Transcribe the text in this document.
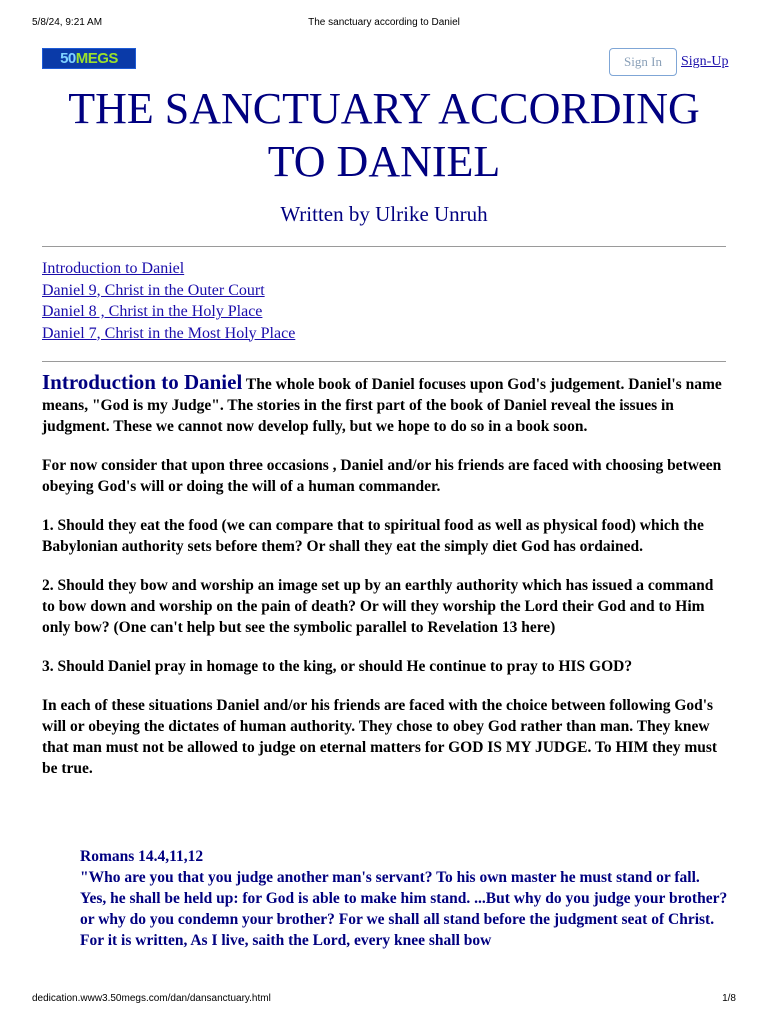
5/8/24, 9:21 AM	The sanctuary according to Daniel
50 MEGS	Sign In	Sign-Up
THE SANCTUARY ACCORDING TO DANIEL
Written by Ulrike Unruh
Introduction to Daniel
Daniel 9, Christ in the Outer Court
Daniel 8 , Christ in the Holy Place
Daniel 7, Christ in the Most Holy Place

Introduction to Daniel The whole book of Daniel focuses upon God's judgement. Daniel's name means, "God is my Judge". The stories in the first part of the book of Daniel reveal the issues in judgment. These we cannot now develop fully, but we hope to do so in a book soon.

For now consider that upon three occasions , Daniel and/or his friends are faced with choosing between obeying God's will or doing the will of a human commander.

1. Should they eat the food (we can compare that to spiritual food as well as physical food) which the Babylonian authority sets before them? Or shall they eat the simply diet God has ordained.

2. Should they bow and worship an image set up by an earthly authority which has issued a command to bow down and worship on the pain of death? Or will they worship the Lord their God and to Him only bow? (One can't help but see the symbolic parallel to Revelation 13 here)

3. Should Daniel pray in homage to the king, or should He continue to pray to HIS GOD?

In each of these situations Daniel and/or his friends are faced with the choice between following God's will or obeying the dictates of human authority. They chose to obey God rather than man. They knew that man must not be allowed to judge on eternal matters for GOD IS MY JUDGE. To HIM they must be true.

Romans 14.4,11,12
"Who are you that you judge another man's servant? To his own master he must stand or fall. Yes, he shall be held up: for God is able to make him stand. ...But why do you judge your brother? or why do you condemn your brother? For we shall all stand before the judgment seat of Christ. For it is written, As I live, saith the Lord, every knee shall bow
dedication.www3.50megs.com/dan/dansanctuary.html	1/8
